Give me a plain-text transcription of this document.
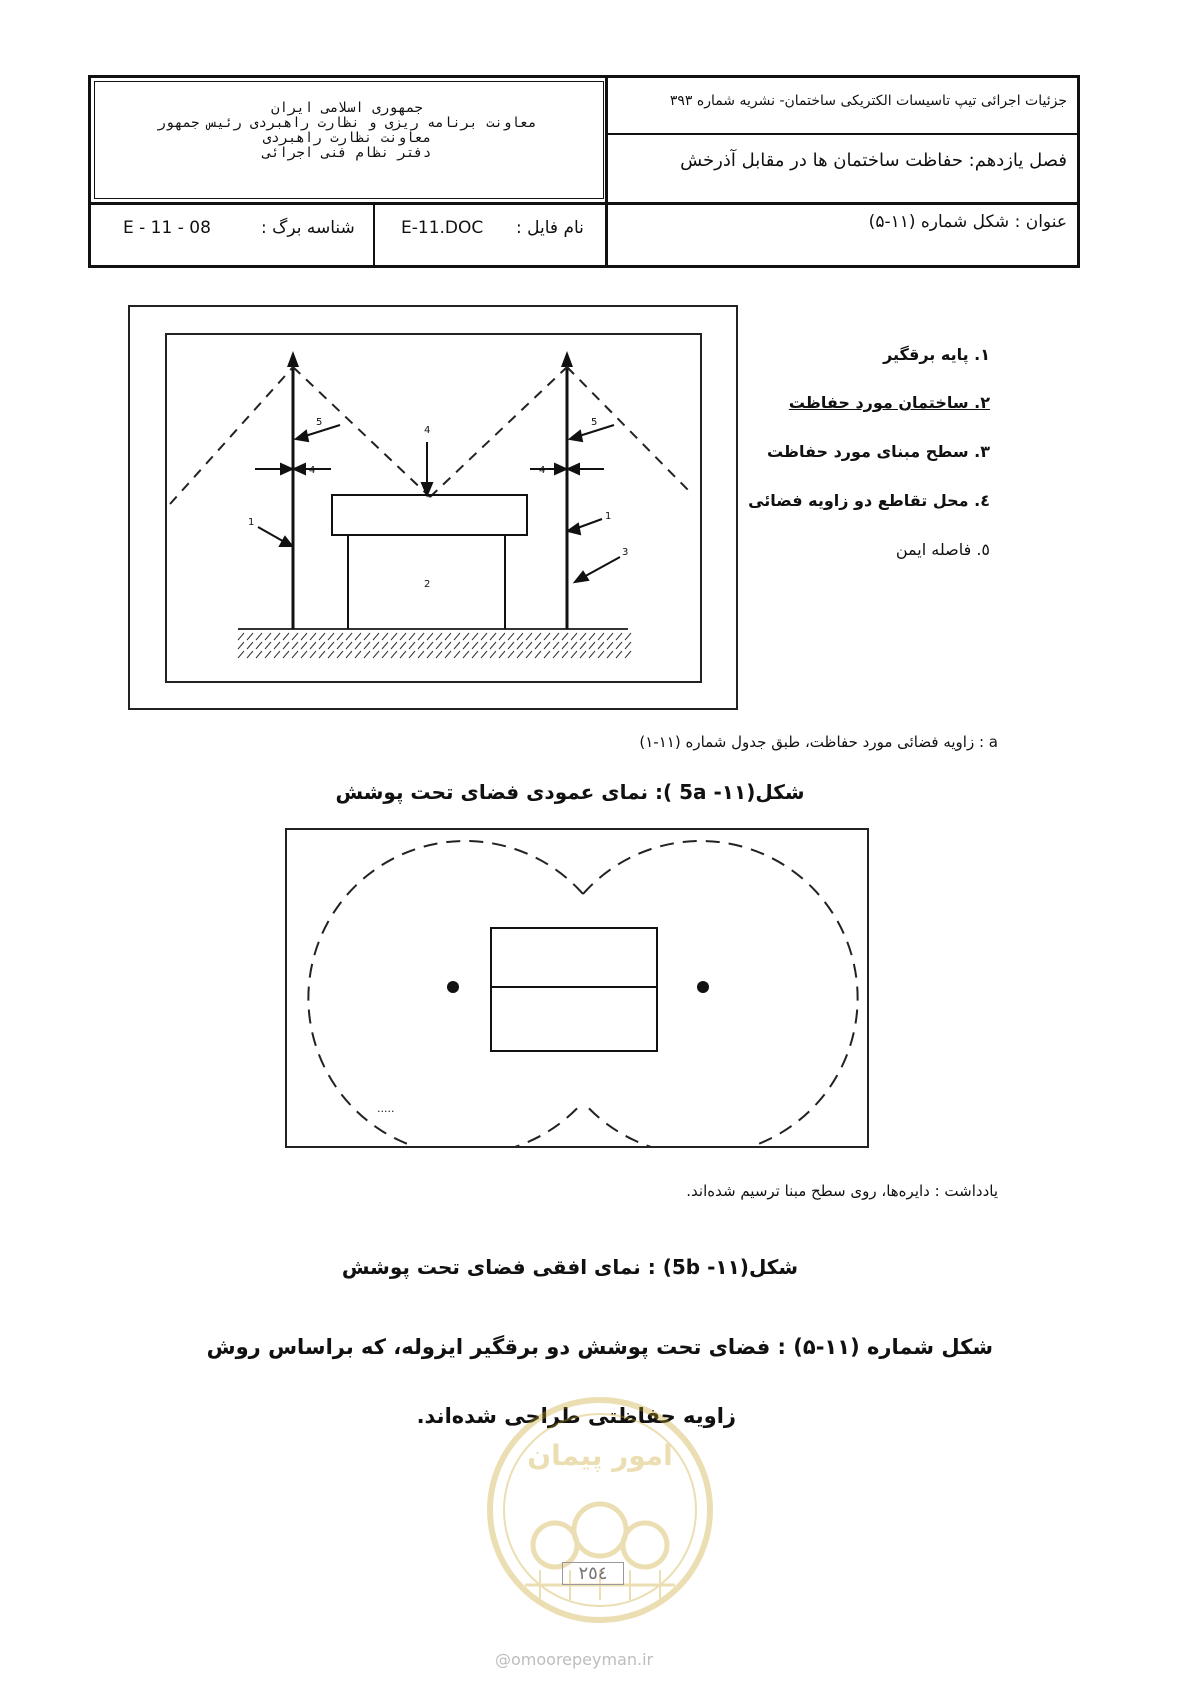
جزئیات اجرائی تیپ تاسیسات الکتریکی ساختمان- نشریه شماره ۳۹۳
فصل یازدهم: حفاظت ساختمان ها در مقابل آذرخش
عنوان : شکل شماره (۱۱-۵)
جمهوری اسلامی ایران
معاونت برنامه ریزی و نظارت راهبردی رئیس جمهور
معاونت نظارت راهبردی
دفتر نظام فنی اجرائی
E-11.DOC نام فایل :
شناسه برگ :
E - 11 - 08
5	5
4
4	4
1
1
2
3
۱. پایه برقگیر
۲. ساختمان مورد حفاظت
۳. سطح مبنای مورد حفاظت
٤. محل تقاطع دو زاویه فضائی
٥. فاصله ایمن
a : زاویه فضائی مورد حفاظت، طبق جدول شماره (۱۱-۱)
شکل(۱۱- 5a ): نمای عمودی فضای تحت پوشش
.....
یادداشت : دایره‌ها، روی سطح مبنا ترسیم شده‌اند.
شکل(۱۱- 5b) : نمای افقی فضای تحت پوشش
شکل شماره (۱۱-۵) : فضای تحت پوشش دو برقگیر ایزوله، که براساس روش
زاویه حفاظتی طراحی شده‌اند.
امور پیمان
۲٥٤
@omoorepeyman.ir
